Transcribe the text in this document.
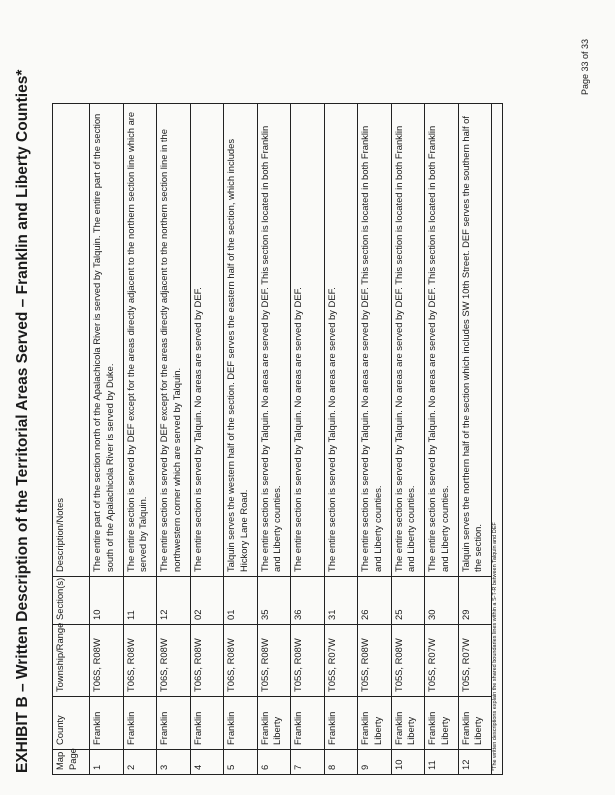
EXHIBIT B – Written Description of the Territorial Areas Served – Franklin and Liberty Counties* Map Page	County	Township/Range	Section(s)	Description/Notes
1	Franklin	T06S, R08W	10	The entire part of the section north of the Apalachicola River is served by Talquin. The entire part of the section south of the Apalachicola River is served by Duke.
2	Franklin	T06S, R08W	11	The entire section is served by DEF except for the areas directly adjacent to the northern section line which are served by Talquin.
3	Franklin	T06S, R08W	12	The entire section is served by DEF except for the areas directly adjacent to the northern section line in the northwestern corner which are served by Talquin.
4	Franklin	T06S, R08W	02	The entire section is served by Talquin. No areas are served by DEF.
5	Franklin	T06S, R08W	01	Talquin serves the western half of the section. DEF serves the eastern half of the section, which includes Hickory Lane Road.
6	Franklin Liberty	T05S, R08W	35	The entire section is served by Talquin. No areas are served by DEF. This section is located in both Franklin and Liberty counties.
7	Franklin	T05S, R08W	36	The entire section is served by Talquin. No areas are served by DEF.
8	Franklin	T05S, R07W	31	The entire section is served by Talquin. No areas are served by DEF.
9	Franklin Liberty	T05S, R08W	26	The entire section is served by Talquin. No areas are served by DEF. This section is located in both Franklin and Liberty counties.
10	Franklin Liberty	T05S, R08W	25	The entire section is served by Talquin. No areas are served by DEF. This section is located in both Franklin and Liberty counties.
11	Franklin Liberty	T05S, R07W	30	The entire section is served by Talquin. No areas are served by DEF. This section is located in both Franklin and Liberty counties.
12	Franklin Liberty	T05S, R07W	29	Talquin serves the northern half of the section which includes SW 10th Street. DEF serves the southern half of the section.
*The written descriptions explain the shared boundaries lines within a S-T-R between Talquin and DEF				
Page 33 of 33
